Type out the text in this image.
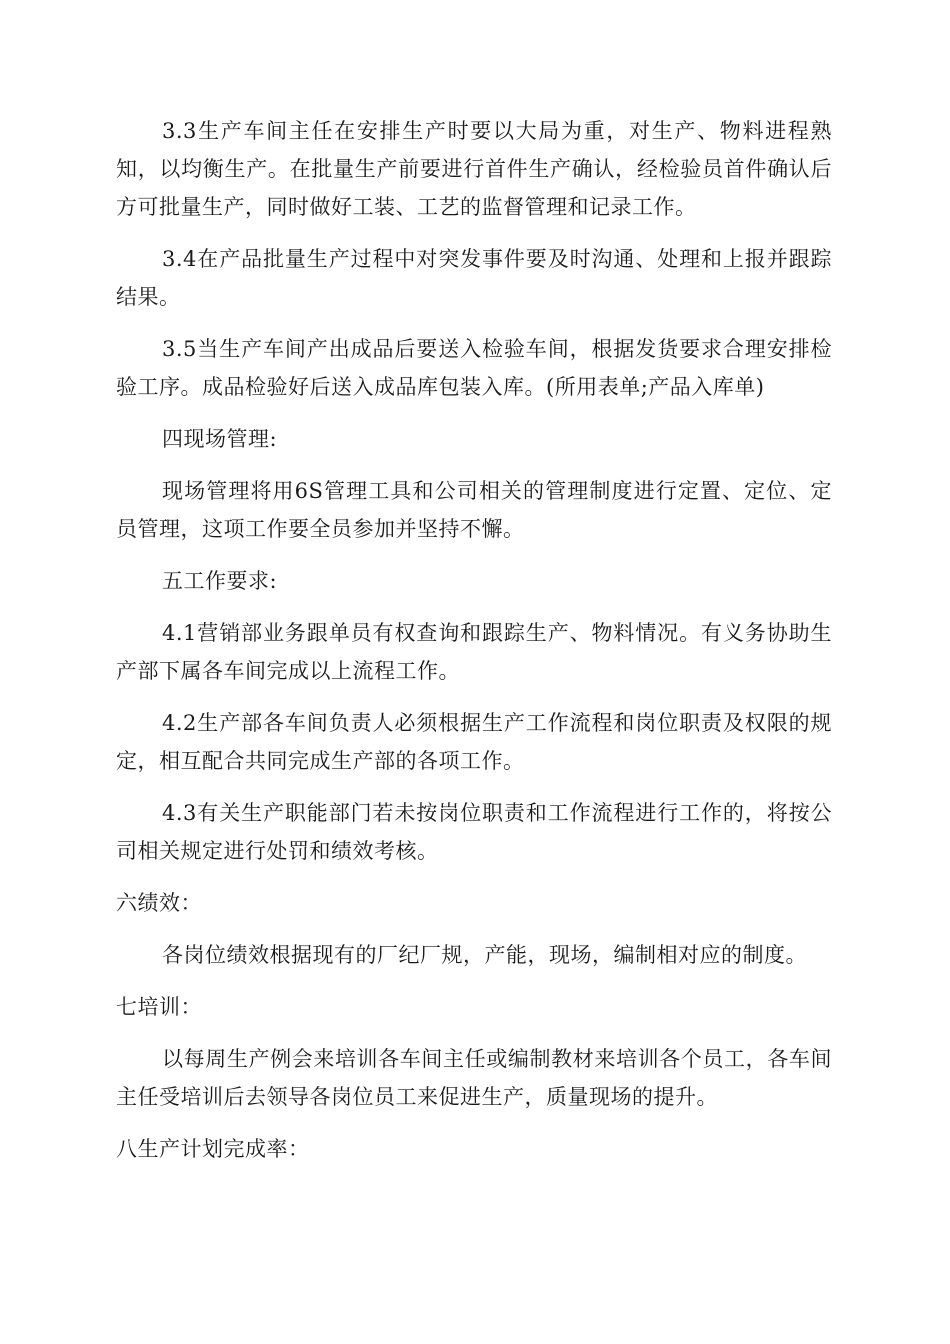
3.3生产车间主任在安排生产时要以大局为重，对生产、物料进程熟知，以均衡生产。在批量生产前要进行首件生产确认，经检验员首件确认后方可批量生产，同时做好工装、工艺的监督管理和记录工作。

3.4在产品批量生产过程中对突发事件要及时沟通、处理和上报并跟踪结果。

3.5当生产车间产出成品后要送入检验车间，根据发货要求合理安排检验工序。成品检验好后送入成品库包装入库。(所用表单;产品入库单)

四现场管理:

现场管理将用6S管理工具和公司相关的管理制度进行定置、定位、定员管理，这项工作要全员参加并坚持不懈。

五工作要求:

4.1营销部业务跟单员有权查询和跟踪生产、物料情况。有义务协助生产部下属各车间完成以上流程工作。

4.2生产部各车间负责人必须根据生产工作流程和岗位职责及权限的规定，相互配合共同完成生产部的各项工作。

4.3有关生产职能部门若未按岗位职责和工作流程进行工作的，将按公司相关规定进行处罚和绩效考核。

六绩效：

各岗位绩效根据现有的厂纪厂规，产能，现场，编制相对应的制度。

七培训：

以每周生产例会来培训各车间主任或编制教材来培训各个员工，各车间主任受培训后去领导各岗位员工来促进生产，质量现场的提升。

八生产计划完成率：
